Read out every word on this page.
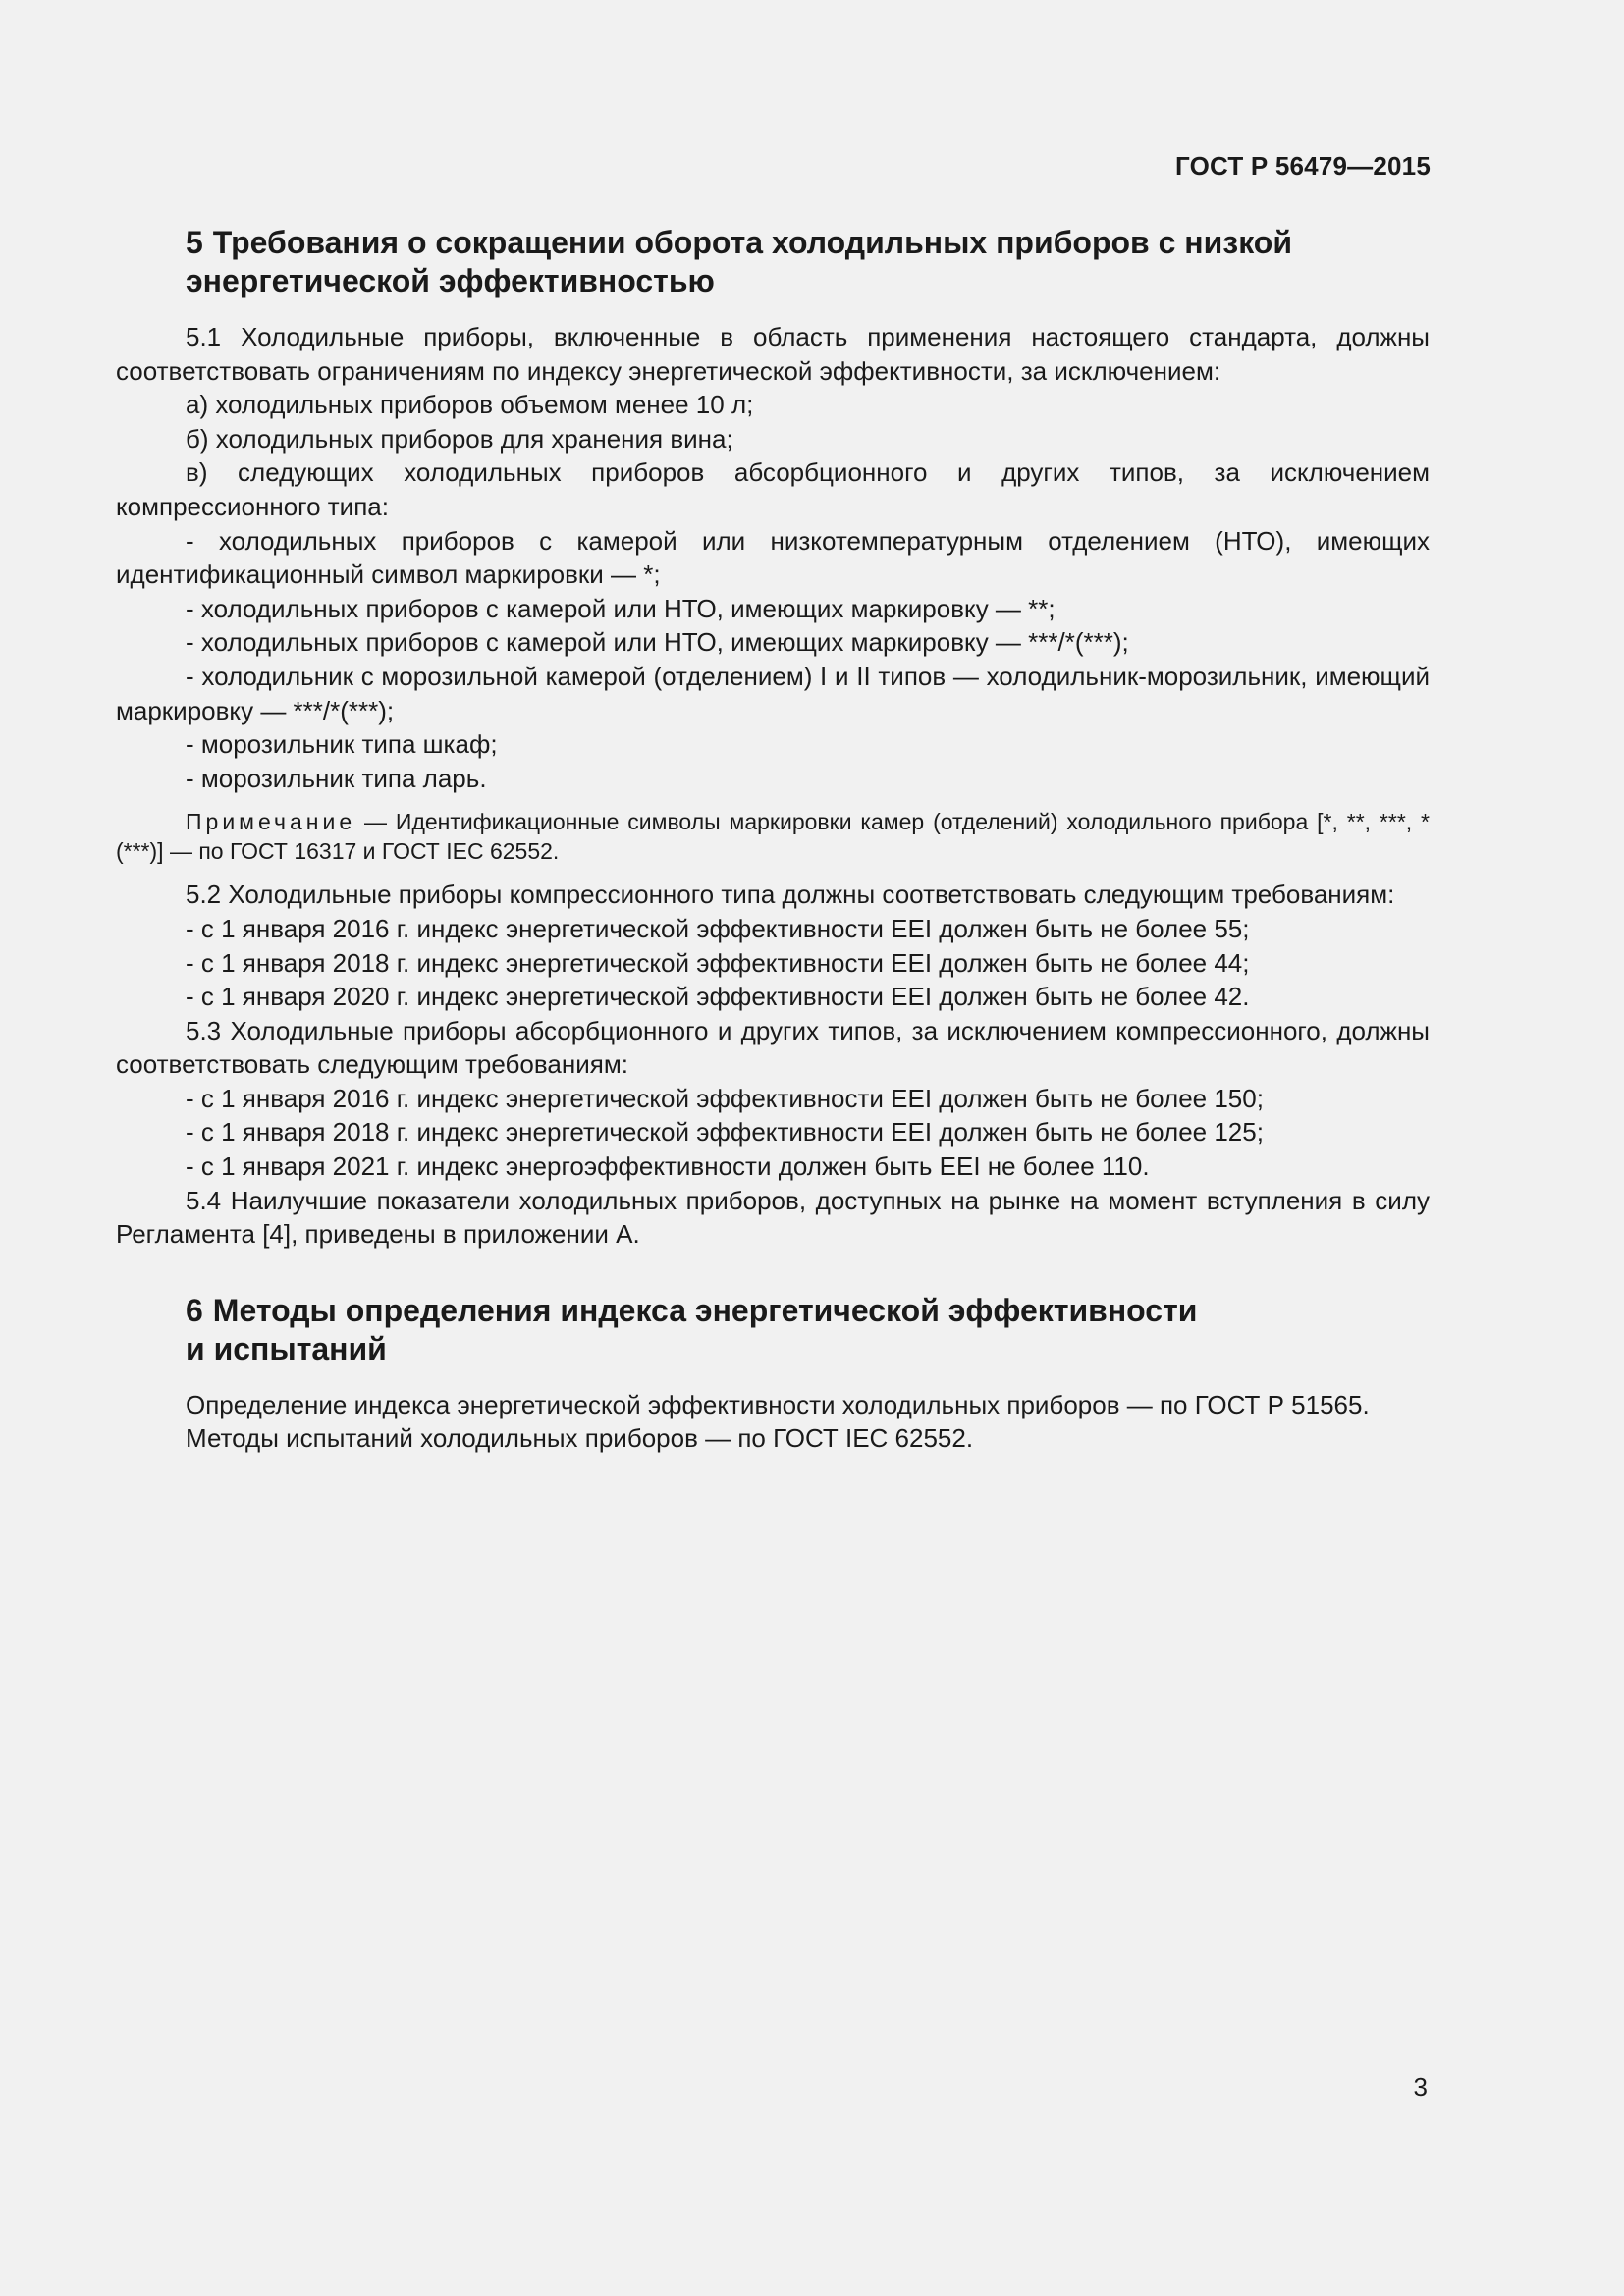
ГОСТ Р 56479—2015
5 Требования о сокращении оборота холодильных приборов с низкой
энергетической эффективностью

5.1 Холодильные приборы, включенные в область применения настоящего стандарта, должны соответствовать ограничениям по индексу энергетической эффективности, за исключением:

а) холодильных приборов объемом менее 10 л;

б) холодильных приборов для хранения вина;

в) следующих холодильных приборов абсорбционного и других типов, за исключением компрессионного типа:

- холодильных приборов с камерой или низкотемпературным отделением (НТО), имеющих идентификационный символ маркировки — *;

- холодильных приборов с камерой или НТО, имеющих маркировку — **;

- холодильных приборов с камерой или НТО, имеющих маркировку — ***/*(***);

- холодильник с морозильной камерой (отделением) I и II типов — холодильник-морозильник, имеющий маркировку — ***/*(***);

- морозильник типа шкаф;

- морозильник типа ларь.

Примечание — Идентификационные символы маркировки камер (отделений) холодильного прибора [*, **, ***, *(***)] — по ГОСТ 16317 и ГОСТ IEC 62552.

5.2 Холодильные приборы компрессионного типа должны соответствовать следующим требованиям:

- с 1 января 2016 г. индекс энергетической эффективности EEI должен быть не более 55;

- с 1 января 2018 г. индекс энергетической эффективности EEI должен быть не более 44;

- с 1 января 2020 г. индекс энергетической эффективности EEI должен быть не более 42.

5.3 Холодильные приборы абсорбционного и других типов, за исключением компрессионного, должны соответствовать следующим требованиям:

- с 1 января 2016 г. индекс энергетической эффективности EEI должен быть не более 150;

- с 1 января 2018 г. индекс энергетической эффективности EEI должен быть не более 125;

- с 1 января 2021 г. индекс энергоэффективности должен быть EEI не более 110.

5.4 Наилучшие показатели холодильных приборов, доступных на рынке на момент вступления в силу Регламента [4], приведены в приложении А.

6 Методы определения индекса энергетической эффективности
и испытаний

Определение индекса энергетической эффективности холодильных приборов — по ГОСТ Р 51565.

Методы испытаний холодильных приборов — по ГОСТ IEC 62552.

3
